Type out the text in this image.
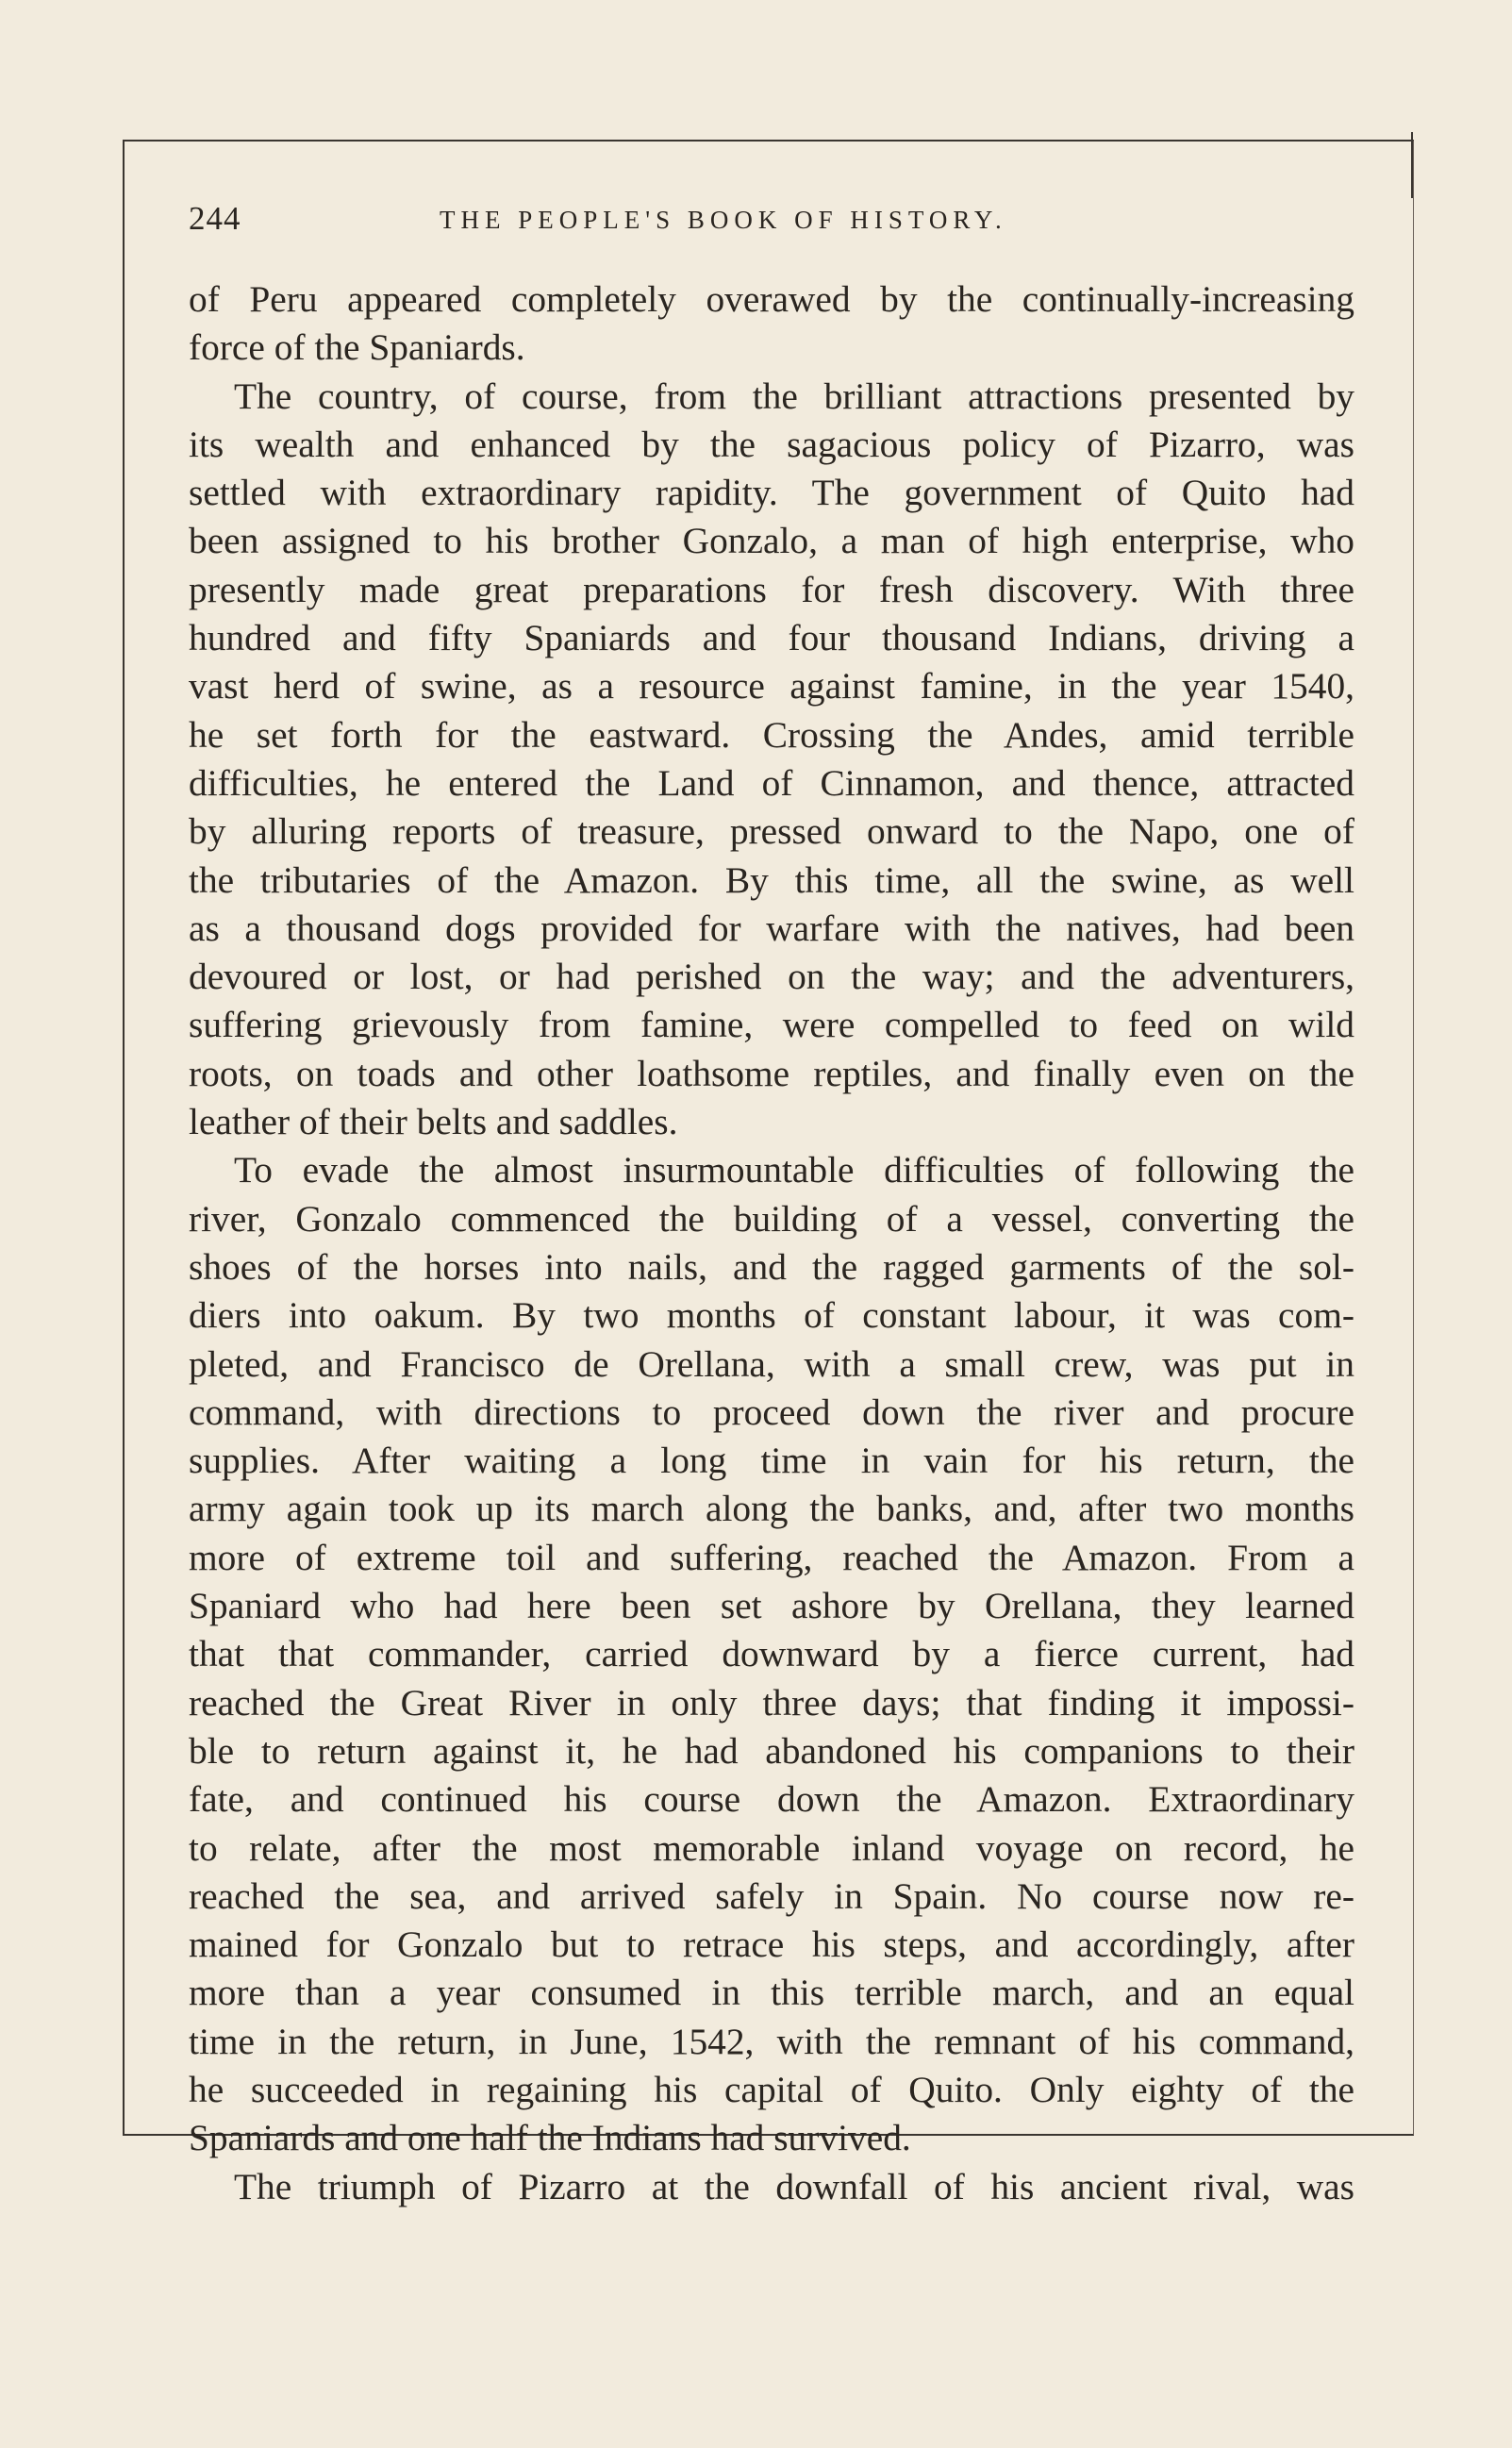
244	THE PEOPLE'S BOOK OF HISTORY.
of Peru appeared completely overawed by the continually-increasing
force of the Spaniards.
The country, of course, from the brilliant attractions presented by
its wealth and enhanced by the sagacious policy of Pizarro, was
settled with extraordinary rapidity. The government of Quito had
been assigned to his brother Gonzalo, a man of high enterprise, who
presently made great preparations for fresh discovery. With three
hundred and fifty Spaniards and four thousand Indians, driving a
vast herd of swine, as a resource against famine, in the year 1540,
he set forth for the eastward. Crossing the Andes, amid terrible
difficulties, he entered the Land of Cinnamon, and thence, attracted
by alluring reports of treasure, pressed onward to the Napo, one of
the tributaries of the Amazon. By this time, all the swine, as well
as a thousand dogs provided for warfare with the natives, had been
devoured or lost, or had perished on the way; and the adventurers,
suffering grievously from famine, were compelled to feed on wild
roots, on toads and other loathsome reptiles, and finally even on the
leather of their belts and saddles.
To evade the almost insurmountable difficulties of following the
river, Gonzalo commenced the building of a vessel, converting the
shoes of the horses into nails, and the ragged garments of the sol-
diers into oakum. By two months of constant labour, it was com-
pleted, and Francisco de Orellana, with a small crew, was put in
command, with directions to proceed down the river and procure
supplies. After waiting a long time in vain for his return, the
army again took up its march along the banks, and, after two months
more of extreme toil and suffering, reached the Amazon. From a
Spaniard who had here been set ashore by Orellana, they learned
that that commander, carried downward by a fierce current, had
reached the Great River in only three days; that finding it impossi-
ble to return against it, he had abandoned his companions to their
fate, and continued his course down the Amazon. Extraordinary
to relate, after the most memorable inland voyage on record, he
reached the sea, and arrived safely in Spain. No course now re-
mained for Gonzalo but to retrace his steps, and accordingly, after
more than a year consumed in this terrible march, and an equal
time in the return, in June, 1542, with the remnant of his command,
he succeeded in regaining his capital of Quito. Only eighty of the
Spaniards and one half the Indians had survived.
The triumph of Pizarro at the downfall of his ancient rival, was
